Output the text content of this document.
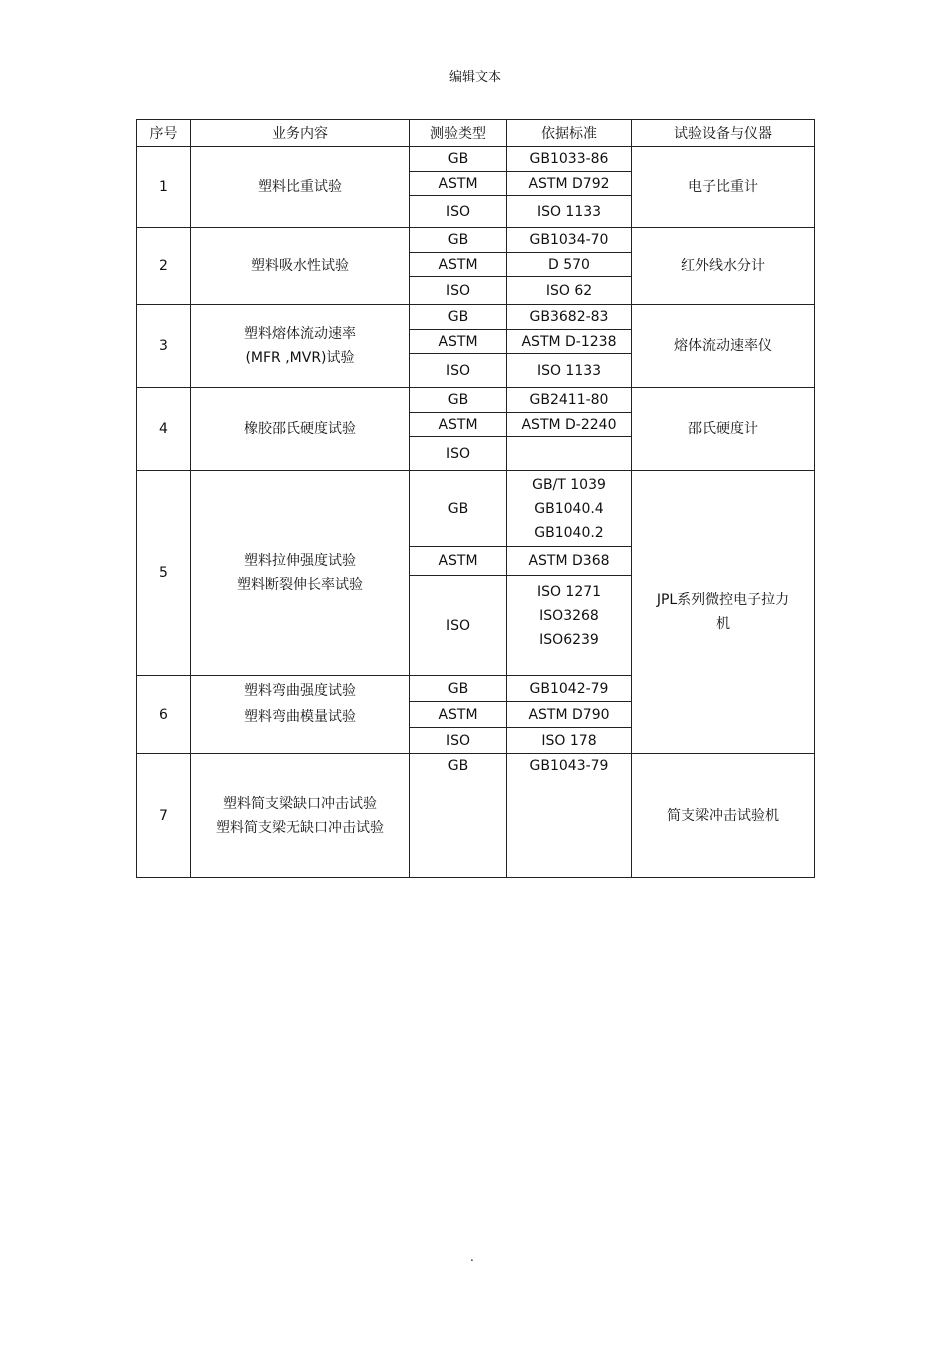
编辑文本
序号	业务内容	测验类型	依据标准	试验设备与仪器
1	塑料比重试验	GB	GB1033-86	电子比重计

		ASTM	ASTM D792	
		ISO	ISO 1133	
2	塑料吸水性试验	GB	GB1034-70	红外线水分计

		ASTM	D 570	
		ISO	ISO 62	
3	塑料熔体流动速率
(MFR ,MVR)试验	GB	GB3682-83	熔体流动速率仪

		ASTM	ASTM D-1238	
		ISO	ISO 1133	
4	橡胶邵氏硬度试验	GB	GB2411-80	邵氏硬度计

		ASTM	ASTM D-2240	
		ISO		
5	塑料拉伸强度试验
塑料断裂伸长率试验	GB	GB/T 1039
GB1040.4
GB1040.2	JPL系列微控电子拉力
机

		ASTM	ASTM D368	
		ISO	ISO 1271
ISO3268
ISO6239	

6	塑料弯曲强度试验
塑料弯曲模量试验	GB	GB1042-79	
		ASTM	ASTM D790	
		ISO	ISO 178	
7	塑料简支梁缺口冲击试验
塑料简支梁无缺口冲击试验	GB	GB1043-79	简支梁冲击试验机
.
